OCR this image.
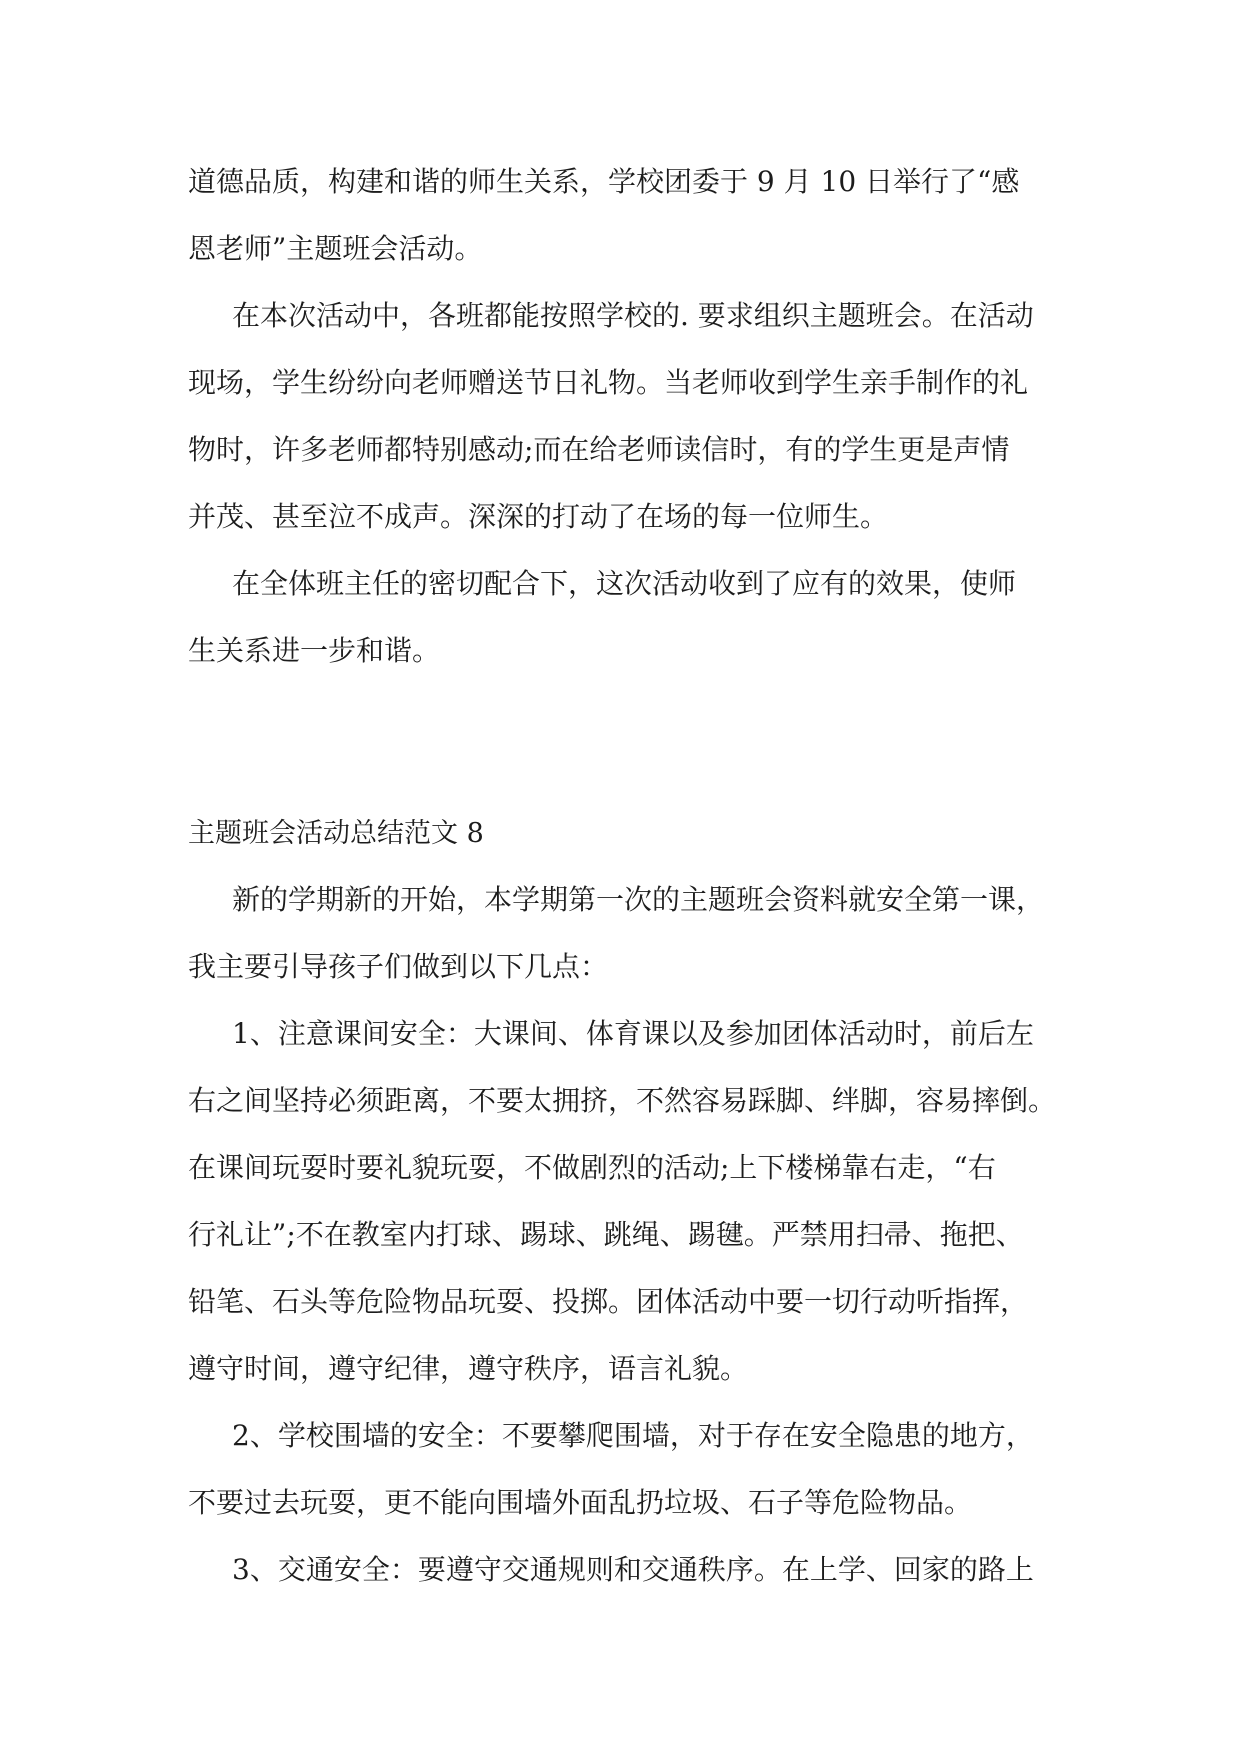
道德品质，构建和谐的师生关系，学校团委于 9 月 10 日举行了“感
恩老师”主题班会活动。
在本次活动中，各班都能按照学校的. 要求组织主题班会。在活动
现场，学生纷纷向老师赠送节日礼物。当老师收到学生亲手制作的礼
物时，许多老师都特别感动;而在给老师读信时，有的学生更是声情
并茂、甚至泣不成声。深深的打动了在场的每一位师生。
在全体班主任的密切配合下，这次活动收到了应有的效果，使师
生关系进一步和谐。
主题班会活动总结范文 8
新的学期新的开始，本学期第一次的主题班会资料就安全第一课，
我主要引导孩子们做到以下几点：
1、注意课间安全：大课间、体育课以及参加团体活动时，前后左
右之间坚持必须距离，不要太拥挤，不然容易踩脚、绊脚，容易摔倒。
在课间玩耍时要礼貌玩耍，不做剧烈的活动;上下楼梯靠右走，“右
行礼让”;不在教室内打球、踢球、跳绳、踢毽。严禁用扫帚、拖把、
铅笔、石头等危险物品玩耍、投掷。团体活动中要一切行动听指挥，
遵守时间，遵守纪律，遵守秩序，语言礼貌。
2、学校围墙的安全：不要攀爬围墙，对于存在安全隐患的地方，
不要过去玩耍，更不能向围墙外面乱扔垃圾、石子等危险物品。
3、交通安全：要遵守交通规则和交通秩序。在上学、回家的路上
